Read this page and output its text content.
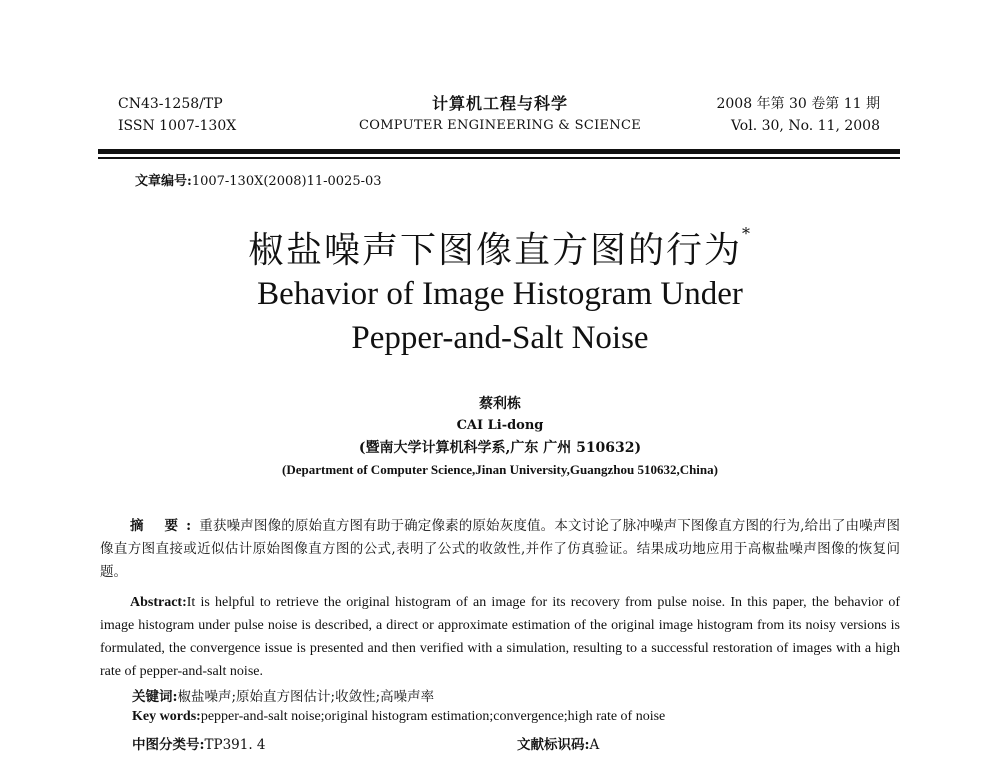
CN43-1258/TP
ISSN 1007-130X
计算机工程与科学
COMPUTER ENGINEERING & SCIENCE
2008 年第 30 卷第 11 期
Vol. 30, No. 11, 2008
文章编号:1007-130X(2008)11-0025-03
椒盐噪声下图像直方图的行为*
Behavior of Image Histogram Under
Pepper-and-Salt Noise
蔡利栋
CAI Li-dong
(暨南大学计算机科学系,广东 广州 510632)
(Department of Computer Science,Jinan University,Guangzhou 510632,China)
摘 要:重获噪声图像的原始直方图有助于确定像素的原始灰度值。本文讨论了脉冲噪声下图像直方图的行为,给出了由噪声图像直方图直接或近似估计原始图像直方图的公式,表明了公式的收敛性,并作了仿真验证。结果成功地应用于高椒盐噪声图像的恢复问题。
Abstract:It is helpful to retrieve the original histogram of an image for its recovery from pulse noise. In this paper, the behavior of image histogram under pulse noise is described, a direct or approximate estimation of the original image histogram from its noisy versions is formulated, the convergence issue is presented and then verified with a simulation, resulting to a successful restoration of images with a high rate of pepper-and-salt noise.
关键词:椒盐噪声;原始直方图估计;收敛性;高噪声率
Key words:pepper-and-salt noise;original histogram estimation;convergence;high rate of noise
中图分类号:TP391. 4	文献标识码:A
